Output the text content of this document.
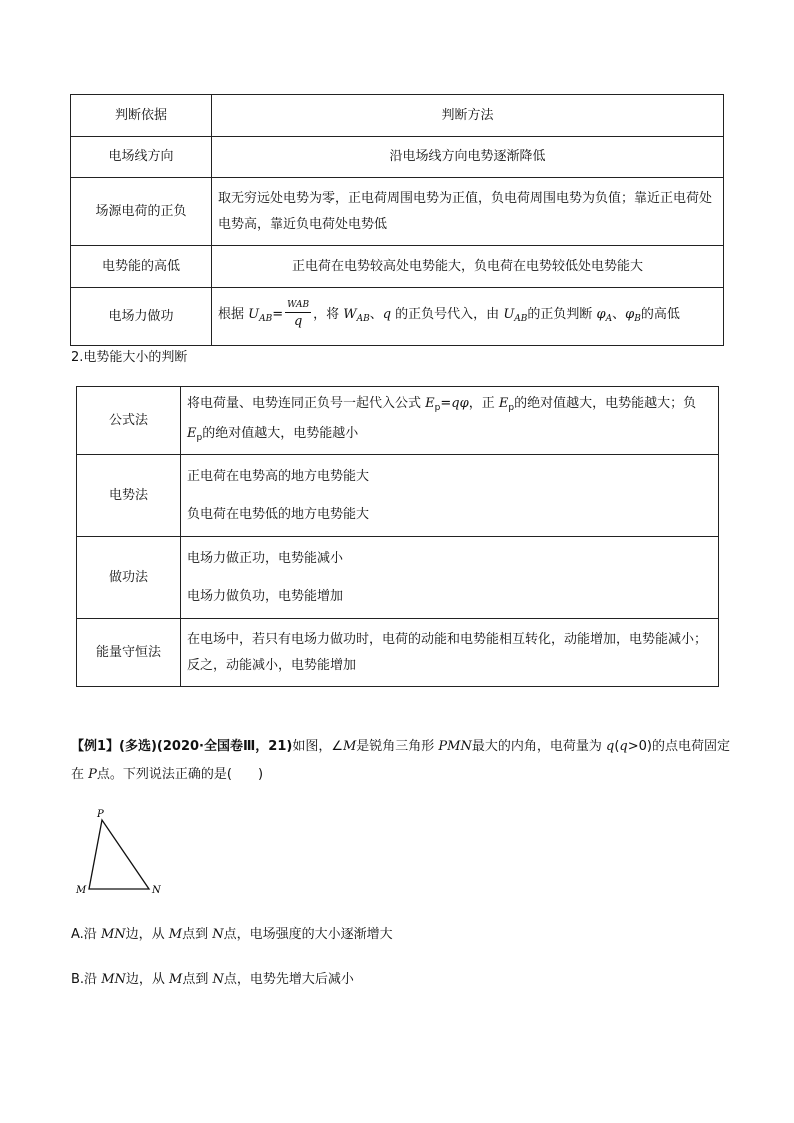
判断依据	判断方法
电场线方向	沿电场线方向电势逐渐降低
场源电荷的正负	取无穷远处电势为零，正电荷周围电势为正值，负电荷周围电势为负值；靠近正电荷处电势高，靠近负电荷处电势低
电势能的高低	正电荷在电势较高处电势能大，负电荷在电势较低处电势能大
电场力做功	根据 $U_{AB}= \frac{\text{WAB}}{q}$ ，将 $W_{AB}$、q 的正负号代入，由 $U_{AB}$的正负判断 $\varphi_A$、$\varphi_B$的高低
2.电势能大小的判断
公式法	将电荷量、电势连同正负号一起代入公式 $E_p=q\varphi$，正 $E_p$的绝对值越大，电势能越大；负 $E_p$的绝对值越大，电势能越小
电势法	正电荷在电势高的地方电势能大
负电荷在电势低的地方电势能大

做功法	电场力做正功，电势能减小
电场力做负功，电势能增加

能量守恒法	在电场中，若只有电场力做功时，电荷的动能和电势能相互转化，动能增加，电势能减小；反之，动能减小，电势能增加
【例1】(多选)(2020·全国卷Ⅲ，21)如图，∠M是锐角三角形 PMN最大的内角，电荷量为 q(q>0)的点电荷固定在 P点。下列说法正确的是(　　)
P
M	N
A.沿 MN边，从 M点到 N点，电场强度的大小逐渐增大
B.沿 MN边，从 M点到 N点，电势先增大后减小
